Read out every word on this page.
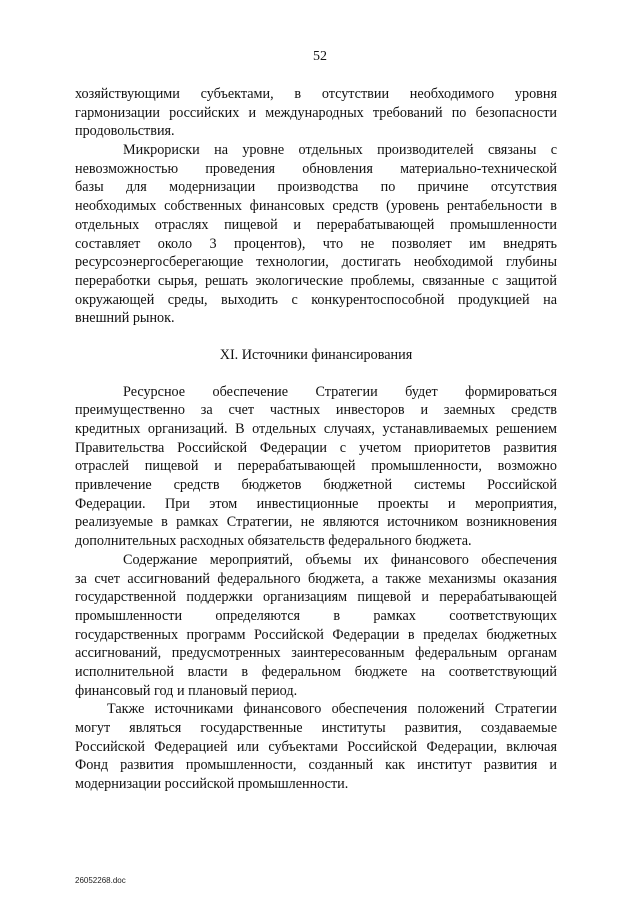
52
хозяйствующими субъектами, в отсутствии необходимого уровня
гармонизации российских и международных требований по безопасности
продовольствия.
Микрориски на уровне отдельных производителей связаны с
невозможностью проведения обновления материально-технической
базы для модернизации производства по причине отсутствия
необходимых собственных финансовых средств (уровень рентабельности в
отдельных отраслях пищевой и перерабатывающей промышленности
составляет около 3 процентов), что не позволяет им внедрять
ресурсоэнергосберегающие технологии, достигать необходимой глубины
переработки сырья, решать экологические проблемы, связанные с защитой
окружающей среды, выходить с конкурентоспособной продукцией на
внешний рынок.
XI. Источники финансирования
Ресурсное обеспечение Стратегии будет формироваться
преимущественно за счет частных инвесторов и заемных средств
кредитных организаций. В отдельных случаях, устанавливаемых решением
Правительства Российской Федерации с учетом приоритетов развития
отраслей пищевой и перерабатывающей промышленности, возможно
привлечение средств бюджетов бюджетной системы Российской
Федерации. При этом инвестиционные проекты и мероприятия,
реализуемые в рамках Стратегии, не являются источником возникновения
дополнительных расходных обязательств федерального бюджета.
Содержание мероприятий, объемы их финансового обеспечения
за счет ассигнований федерального бюджета, а также механизмы оказания
государственной поддержки организациям пищевой и перерабатывающей
промышленности определяются в рамках соответствующих
государственных программ Российской Федерации в пределах бюджетных
ассигнований, предусмотренных заинтересованным федеральным органам
исполнительной власти в федеральном бюджете на соответствующий
финансовый год и плановый период.
Также источниками финансового обеспечения положений Стратегии
могут являться государственные институты развития, создаваемые
Российской Федерацией или субъектами Российской Федерации, включая
Фонд развития промышленности, созданный как институт развития и
модернизации российской промышленности.
26052268.doc
